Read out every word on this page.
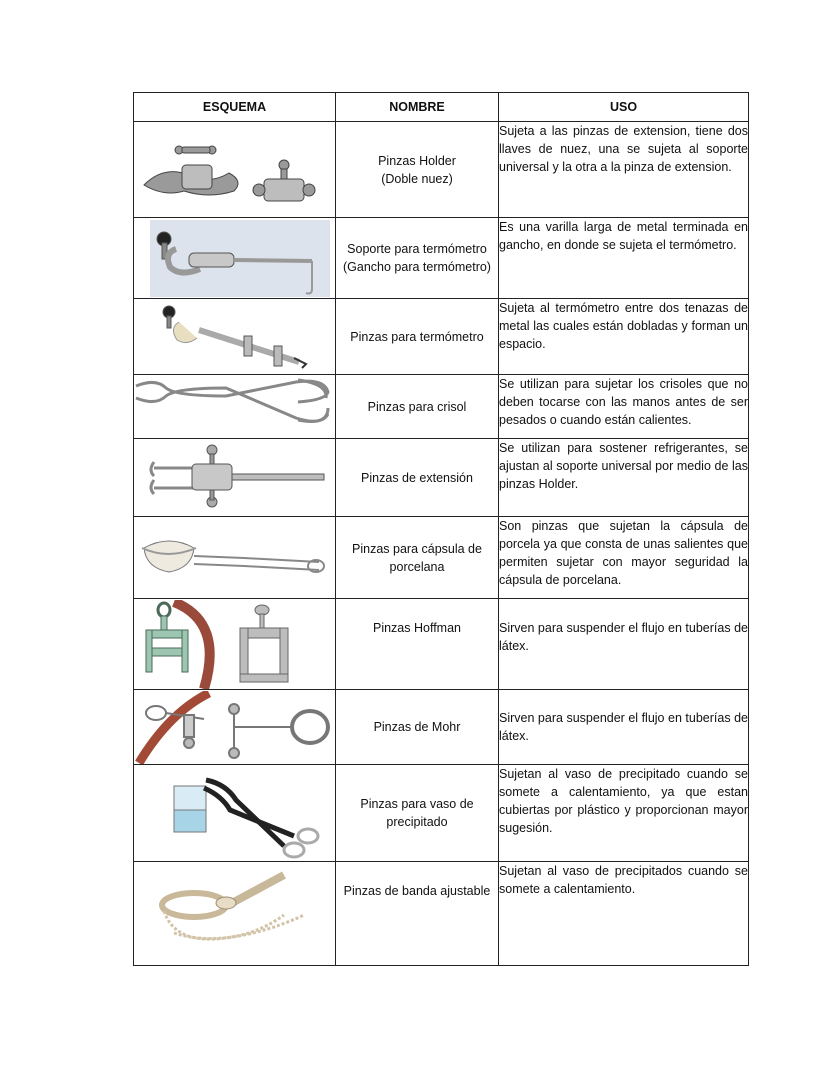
ESQUEMA	NOMBRE	USO

Pinzas Holder
(Doble nuez)	Sujeta a las pinzas de extension, tiene dos llaves de nuez, una se sujeta al soporte universal y la otra a la pinza de extension.

Soporte para termómetro
(Gancho para termómetro)	Es una varilla larga de metal terminada en gancho, en donde se sujeta el termómetro.

Pinzas para termómetro	Sujeta al termómetro entre dos tenazas de metal las cuales están dobladas y forman un espacio.

Pinzas para crisol	Se utilizan para sujetar los crisoles que no deben tocarse con las manos antes de ser pesados o cuando están calientes.

Pinzas de extensión	Se utilizan para sostener refrigerantes, se ajustan al soporte universal por medio de las pinzas Holder.

Pinzas para cápsula de porcelana	Son pinzas que sujetan la cápsula de porcela ya que consta de unas salientes que permiten sujetar con mayor seguridad la cápsula de porcelana.

Pinzas Hoffman	Sirven para suspender el flujo en tuberías de látex.

Pinzas de Mohr	Sirven para suspender el flujo en tuberías de látex.

Pinzas para vaso de precipitado	Sujetan al vaso de precipitado cuando se somete a calentamiento, ya que estan cubiertas por plástico y proporcionan mayor sugesión.

Pinzas de banda ajustable	Sujetan al vaso de precipitados cuando se somete a calentamiento.
